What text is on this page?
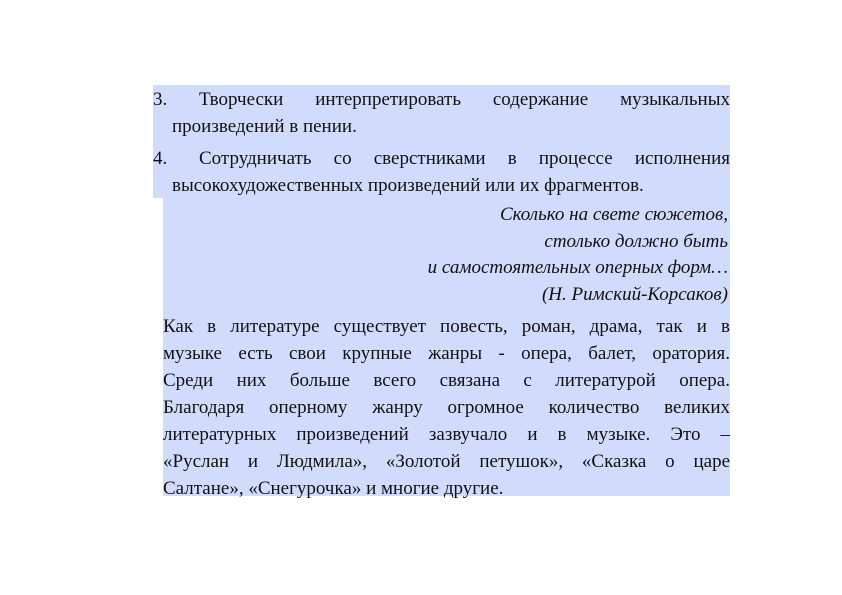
3.	Творчески интерпретировать содержание музыкальных
произведений в пении.
4.	Сотрудничать со сверстниками в процессе исполнения
высокохудожественных произведений или их фрагментов.
Сколько на свете сюжетов,
столько должно быть
и самостоятельных оперных форм…
(Н. Римский-Корсаков)
Как в литературе существует повесть, роман, драма, так и в
музыке есть свои крупные жанры - опера, балет, оратория.
Среди них больше всего связана с литературой опера.
Благодаря оперному жанру огромное количество великих
литературных произведений зазвучало и в музыке. Это –
«Руслан и Людмила», «Золотой петушок», «Сказка о царе
Салтане», «Снегурочка» и многие другие.
